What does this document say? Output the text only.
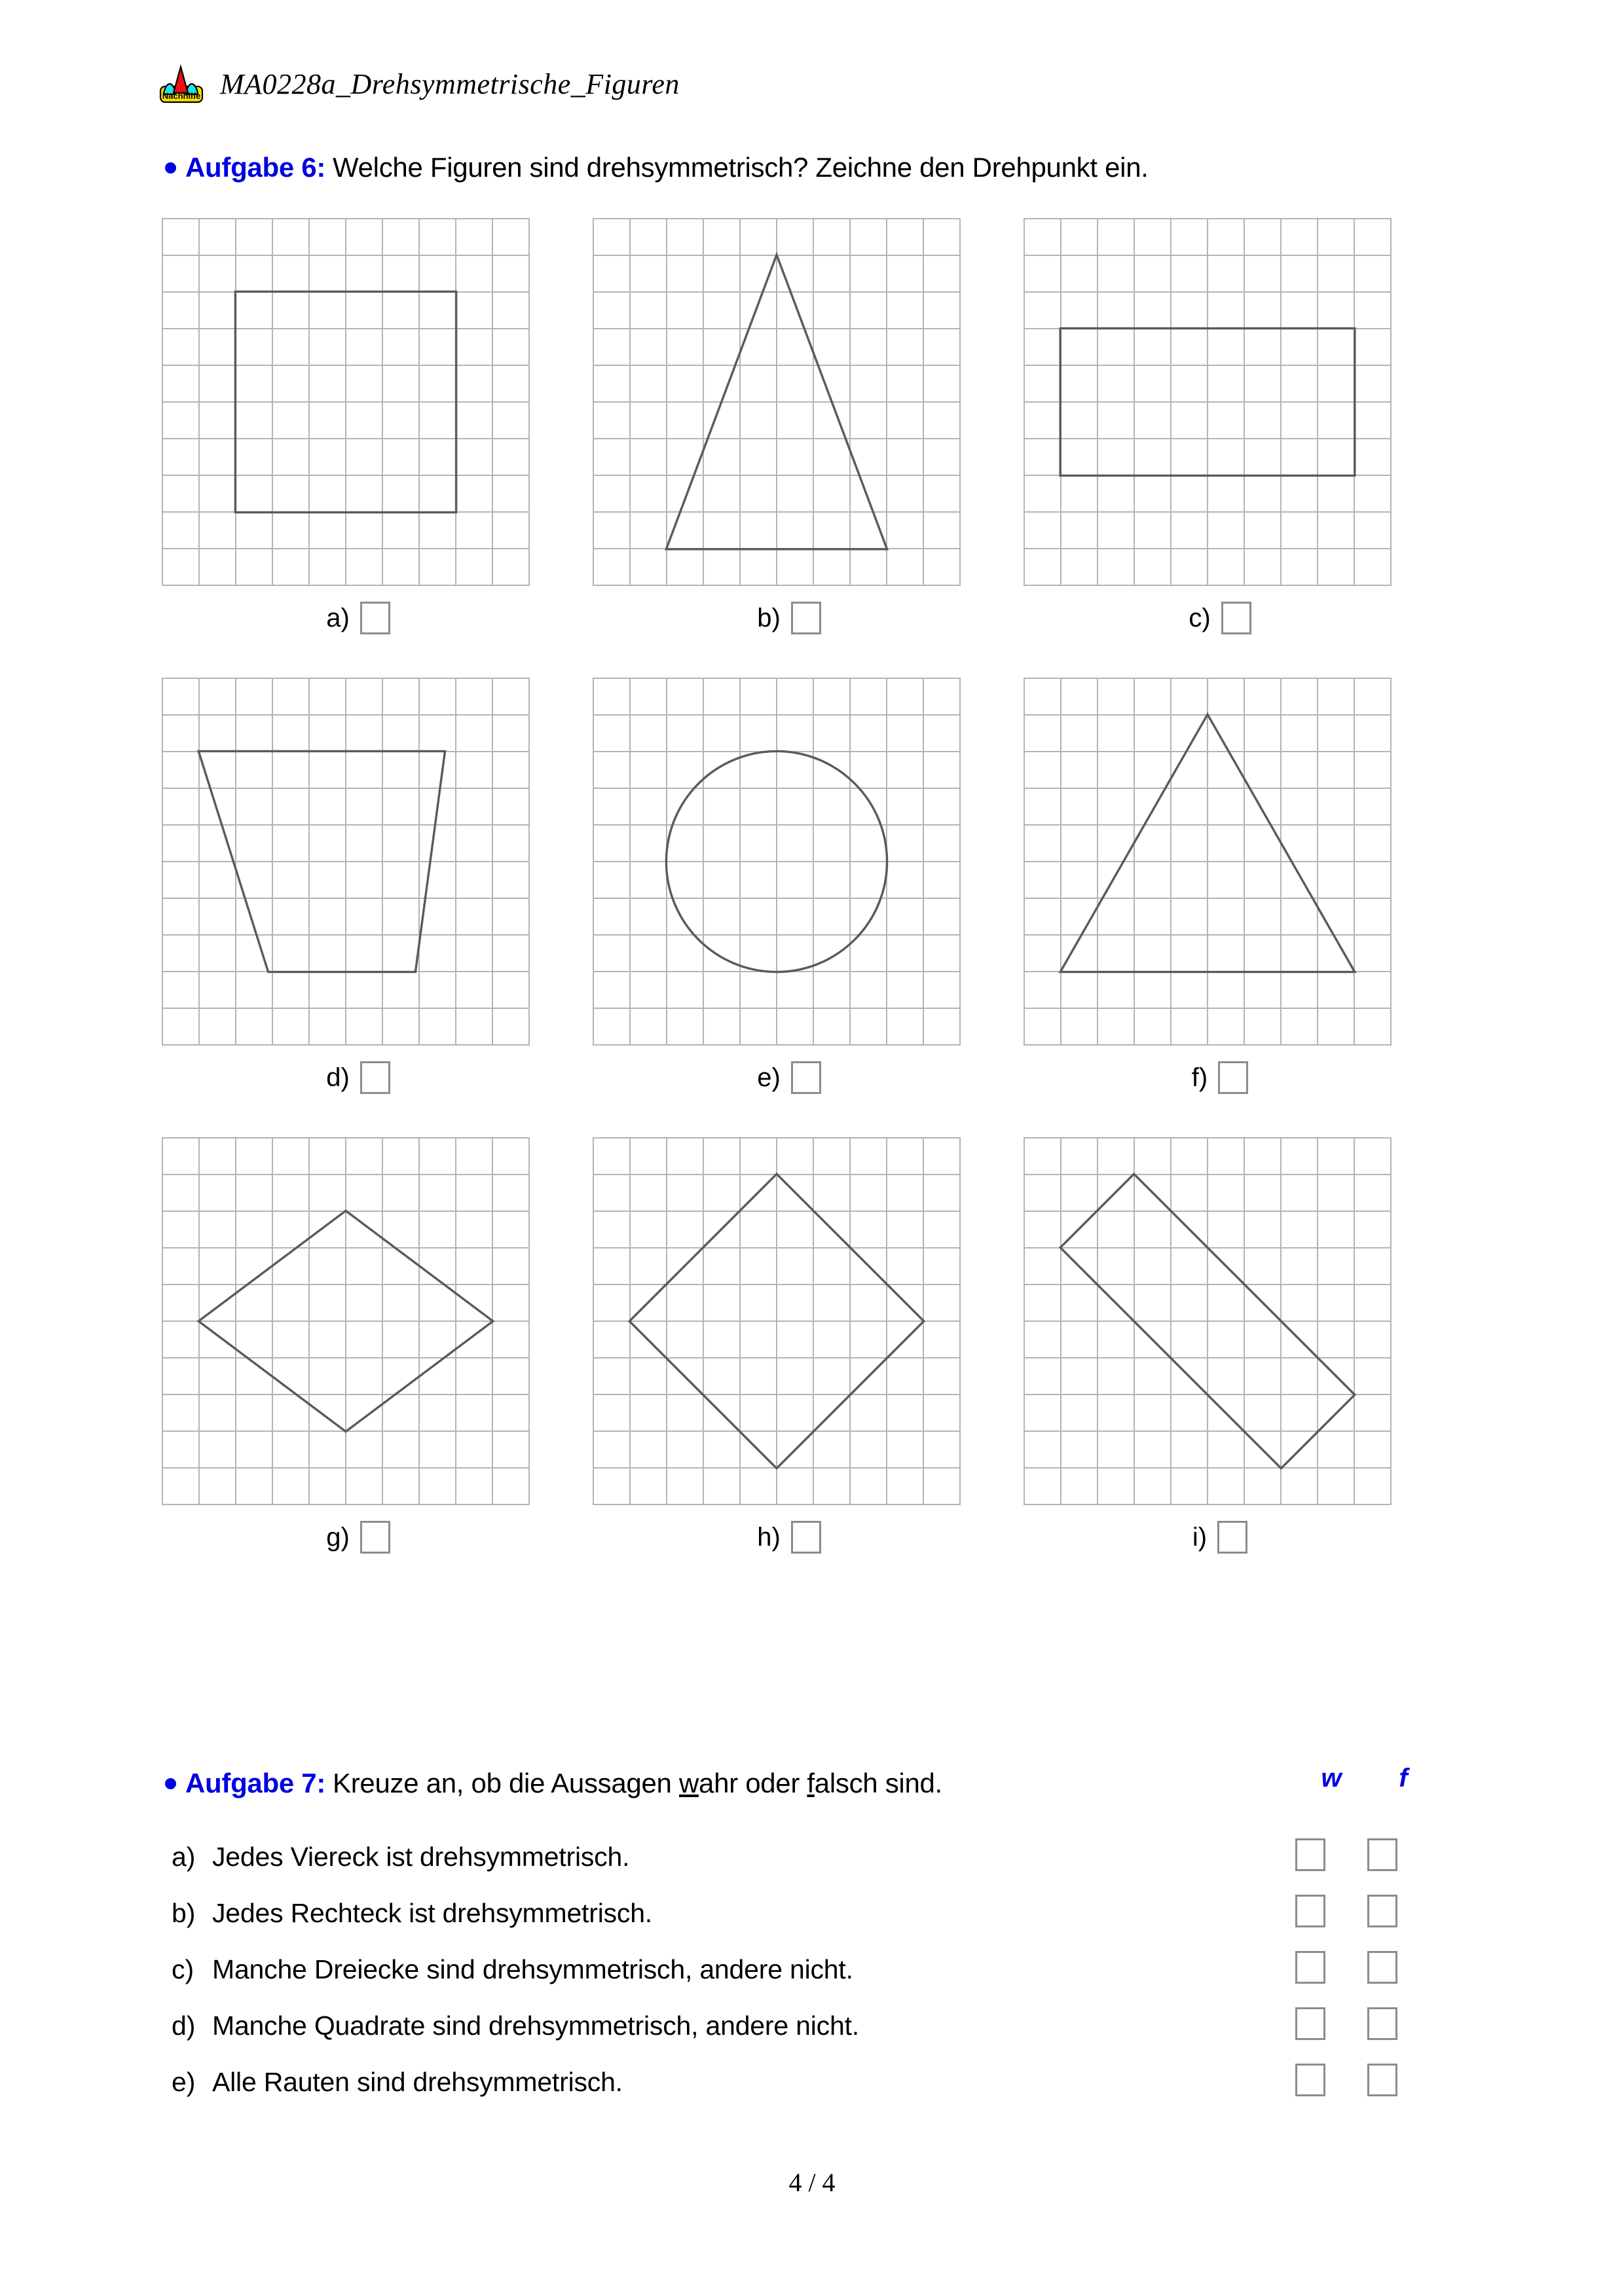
Nachhilfe MA0228a_Drehsymmetrische_Figuren
Aufgabe 6: Welche Figuren sind drehsymmetrisch? Zeichne den Drehpunkt ein.
a)	b)	c)
d)	e)	f)
g)	h)	i)
Aufgabe 7: Kreuze an, ob die Aussagen wahr oder falsch sind.	w	f
a) Jedes Viereck ist drehsymmetrisch.
b) Jedes Rechteck ist drehsymmetrisch.
c) Manche Dreiecke sind drehsymmetrisch, andere nicht.
d) Manche Quadrate sind drehsymmetrisch, andere nicht.
e) Alle Rauten sind drehsymmetrisch.
4 / 4
